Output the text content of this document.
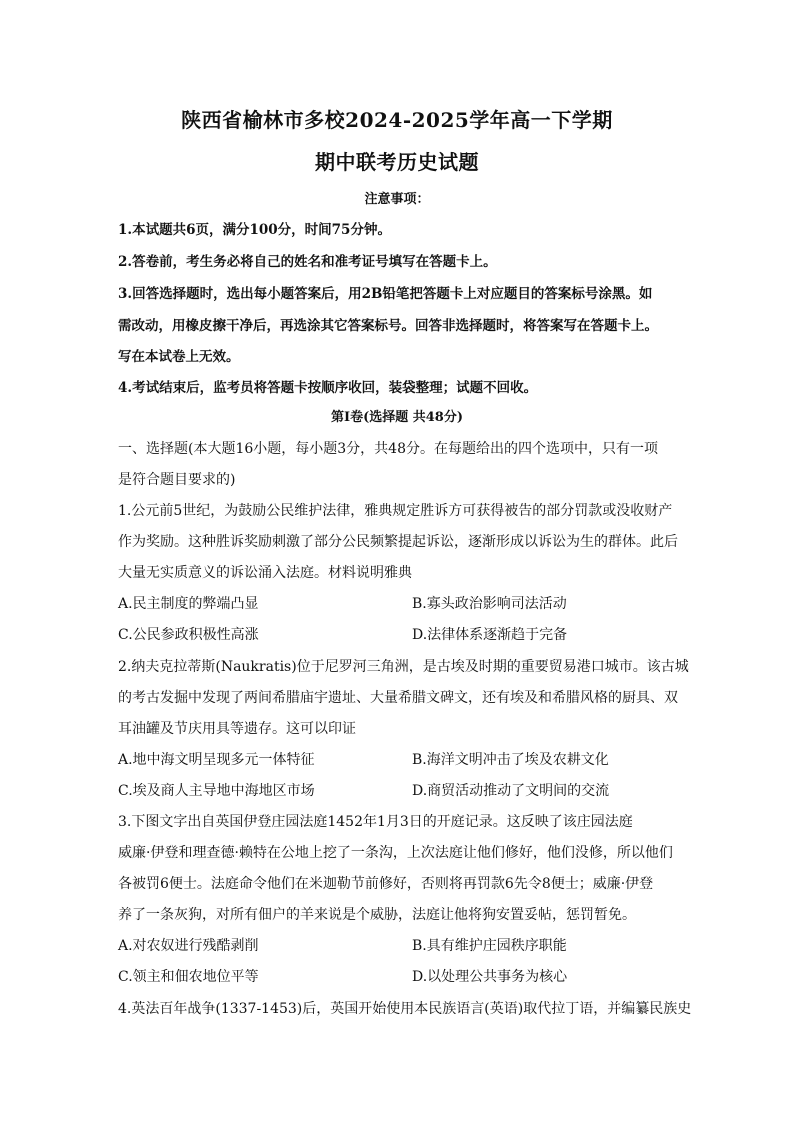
陕西省榆林市多校2024-2025学年高一下学期
期中联考历史试题
注意事项：
1.本试题共6页，满分100分，时间75分钟。
2.答卷前，考生务必将自己的姓名和准考证号填写在答题卡上。
3.回答选择题时，选出每小题答案后，用2B铅笔把答题卡上对应题目的答案标号涂黑。如
需改动，用橡皮擦干净后，再选涂其它答案标号。回答非选择题时，将答案写在答题卡上。
写在本试卷上无效。
4.考试结束后，监考员将答题卡按顺序收回，装袋整理；试题不回收。
第Ⅰ卷(选择题 共48分)
一、选择题(本大题16小题，每小题3分，共48分。在每题给出的四个选项中，只有一项
是符合题目要求的)
1.公元前5世纪，为鼓励公民维护法律，雅典规定胜诉方可获得被告的部分罚款或没收财产
作为奖励。这种胜诉奖励刺激了部分公民频繁提起诉讼，逐渐形成以诉讼为生的群体。此后
大量无实质意义的诉讼涌入法庭。材料说明雅典
A.民主制度的弊端凸显	B.寡头政治影响司法活动
C.公民参政积极性高涨	D.法律体系逐渐趋于完备
2.纳夫克拉蒂斯(Naukratis)位于尼罗河三角洲，是古埃及时期的重要贸易港口城市。该古城
的考古发掘中发现了两间希腊庙宇遗址、大量希腊文碑文，还有埃及和希腊风格的厨具、双
耳油罐及节庆用具等遗存。这可以印证
A.地中海文明呈现多元一体特征	B.海洋文明冲击了埃及农耕文化
C.埃及商人主导地中海地区市场	D.商贸活动推动了文明间的交流
3.下图文字出自英国伊登庄园法庭1452年1月3日的开庭记录。这反映了该庄园法庭
威廉·伊登和理查德·赖特在公地上挖了一条沟，上次法庭让他们修好，他们没修，所以他们
各被罚6便士。法庭命令他们在米迦勒节前修好，否则将再罚款6先令8便士；威廉·伊登
养了一条灰狗，对所有佃户的羊来说是个威胁，法庭让他将狗安置妥帖，惩罚暂免。
A.对农奴进行残酷剥削	B.具有维护庄园秩序职能
C.领主和佃农地位平等	D.以处理公共事务为核心
4.英法百年战争(1337-1453)后，英国开始使用本民族语言(英语)取代拉丁语，并编纂民族史
